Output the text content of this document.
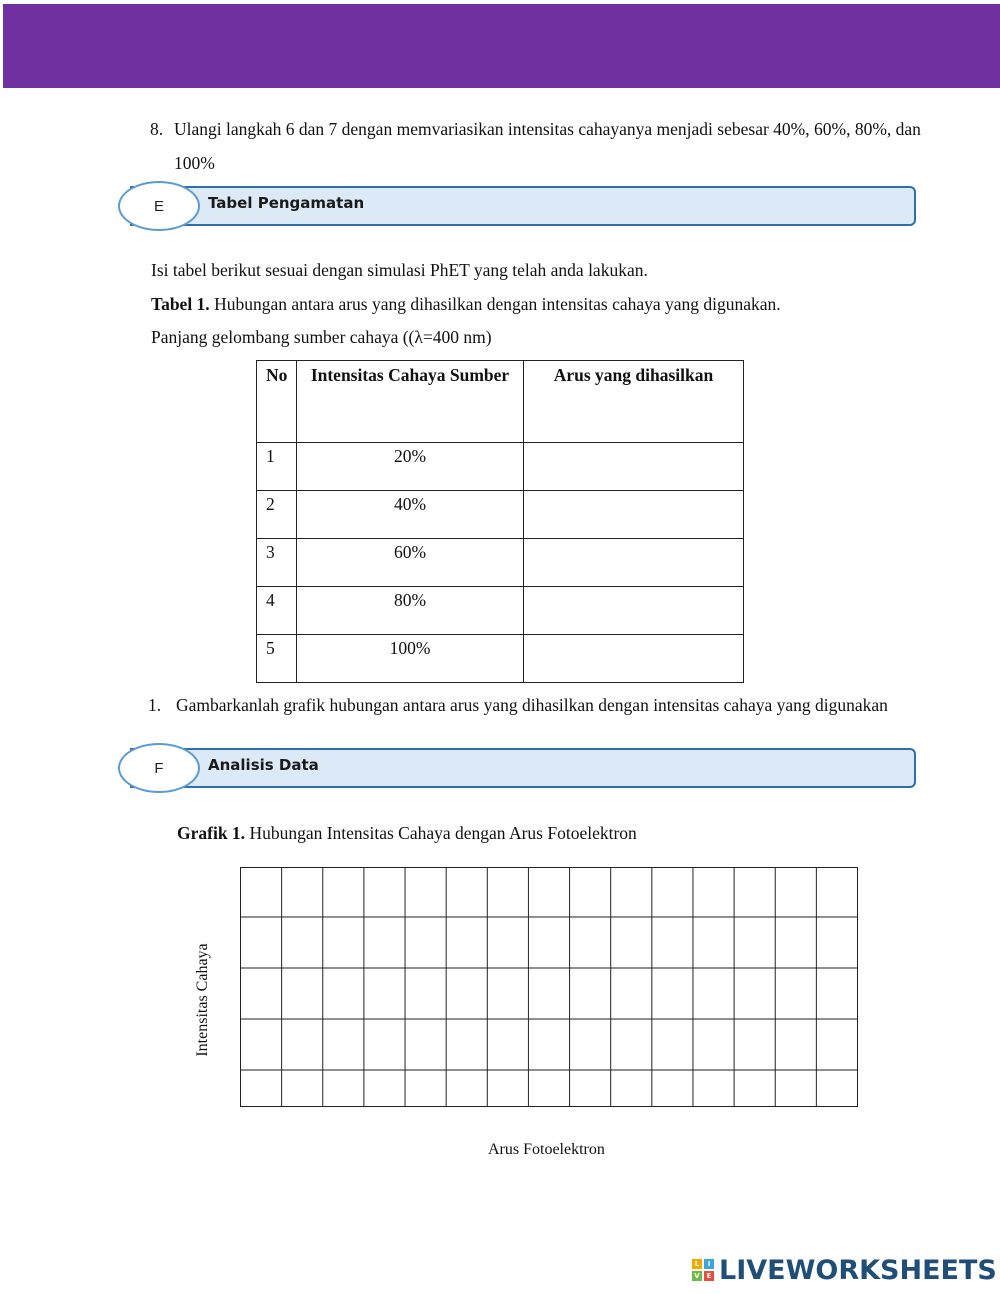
8. Ulangi langkah 6 dan 7 dengan memvariasikan intensitas cahayanya menjadi sebesar 40%, 60%, 80%, dan 100%
E	Tabel Pengamatan
Isi tabel berikut sesuai dengan simulasi PhET yang telah anda lakukan.
Tabel 1. Hubungan antara arus yang dihasilkan dengan intensitas cahaya yang digunakan.
Panjang gelombang sumber cahaya ((λ=400 nm)
No	Intensitas Cahaya Sumber	Arus yang dihasilkan
1	20%	
2	40%	
3	60%	
4	80%	
5	100%	
1. Gambarkanlah grafik hubungan antara arus yang dihasilkan dengan intensitas cahaya yang digunakan
F	Analisis Data
Grafik 1. Hubungan Intensitas Cahaya dengan Arus Fotoelektron
Intensitas Cahaya
Arus Fotoelektron
L	I
V E LIVEWORKSHEETS
